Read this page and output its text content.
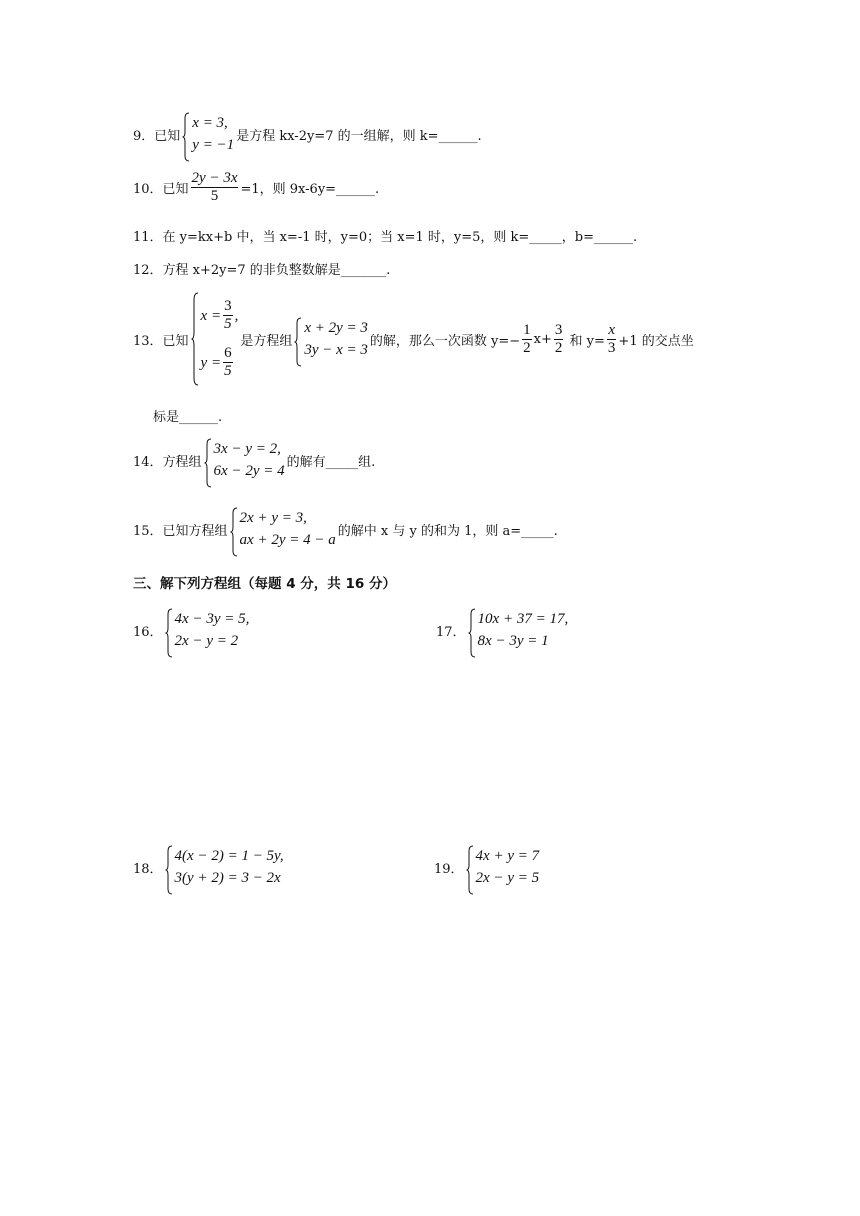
9．已知
x = 3,
y = −1
是方程 kx-2y=7 的一组解，则 k=______.
10．已知 $\frac{2y - 3x}{5} =1$，则 9x-6y=______.
11．在 y=kx+b 中，当 x=-1 时，y=0；当 x=1 时，y=5，则 k=_____，b=______.
12．方程 x+2y=7 的非负整数解是_______.
13．已知
$x = \frac{3}{5}$ ,
$y = \frac{6}{5}$
是方程组
x + 2y = 3
3y − x = 3
的解，那么一次函数 $y=- \frac{1}{2} x+ \frac{3}{2}$ 和 $y= \frac{x}{3} +1$ 的交点坐
标是______.
14．方程组
3x − y = 2,
6x − 2y = 4
的解有_____组.
15．已知方程组
2x + y = 3,
ax + 2y = 4 − a
的解中 x 与 y 的和为 1，则 a=_____.
三、解下列方程组（每题 4 分，共 16 分）
16．
4x − 3y = 5,
2x − y = 2
17．
10x + 37 = 17,
8x − 3y = 1
18．
4(x − 2) = 1 − 5y,
3(y + 2) = 3 − 2x
19．
4x + y = 7
2x − y = 5
